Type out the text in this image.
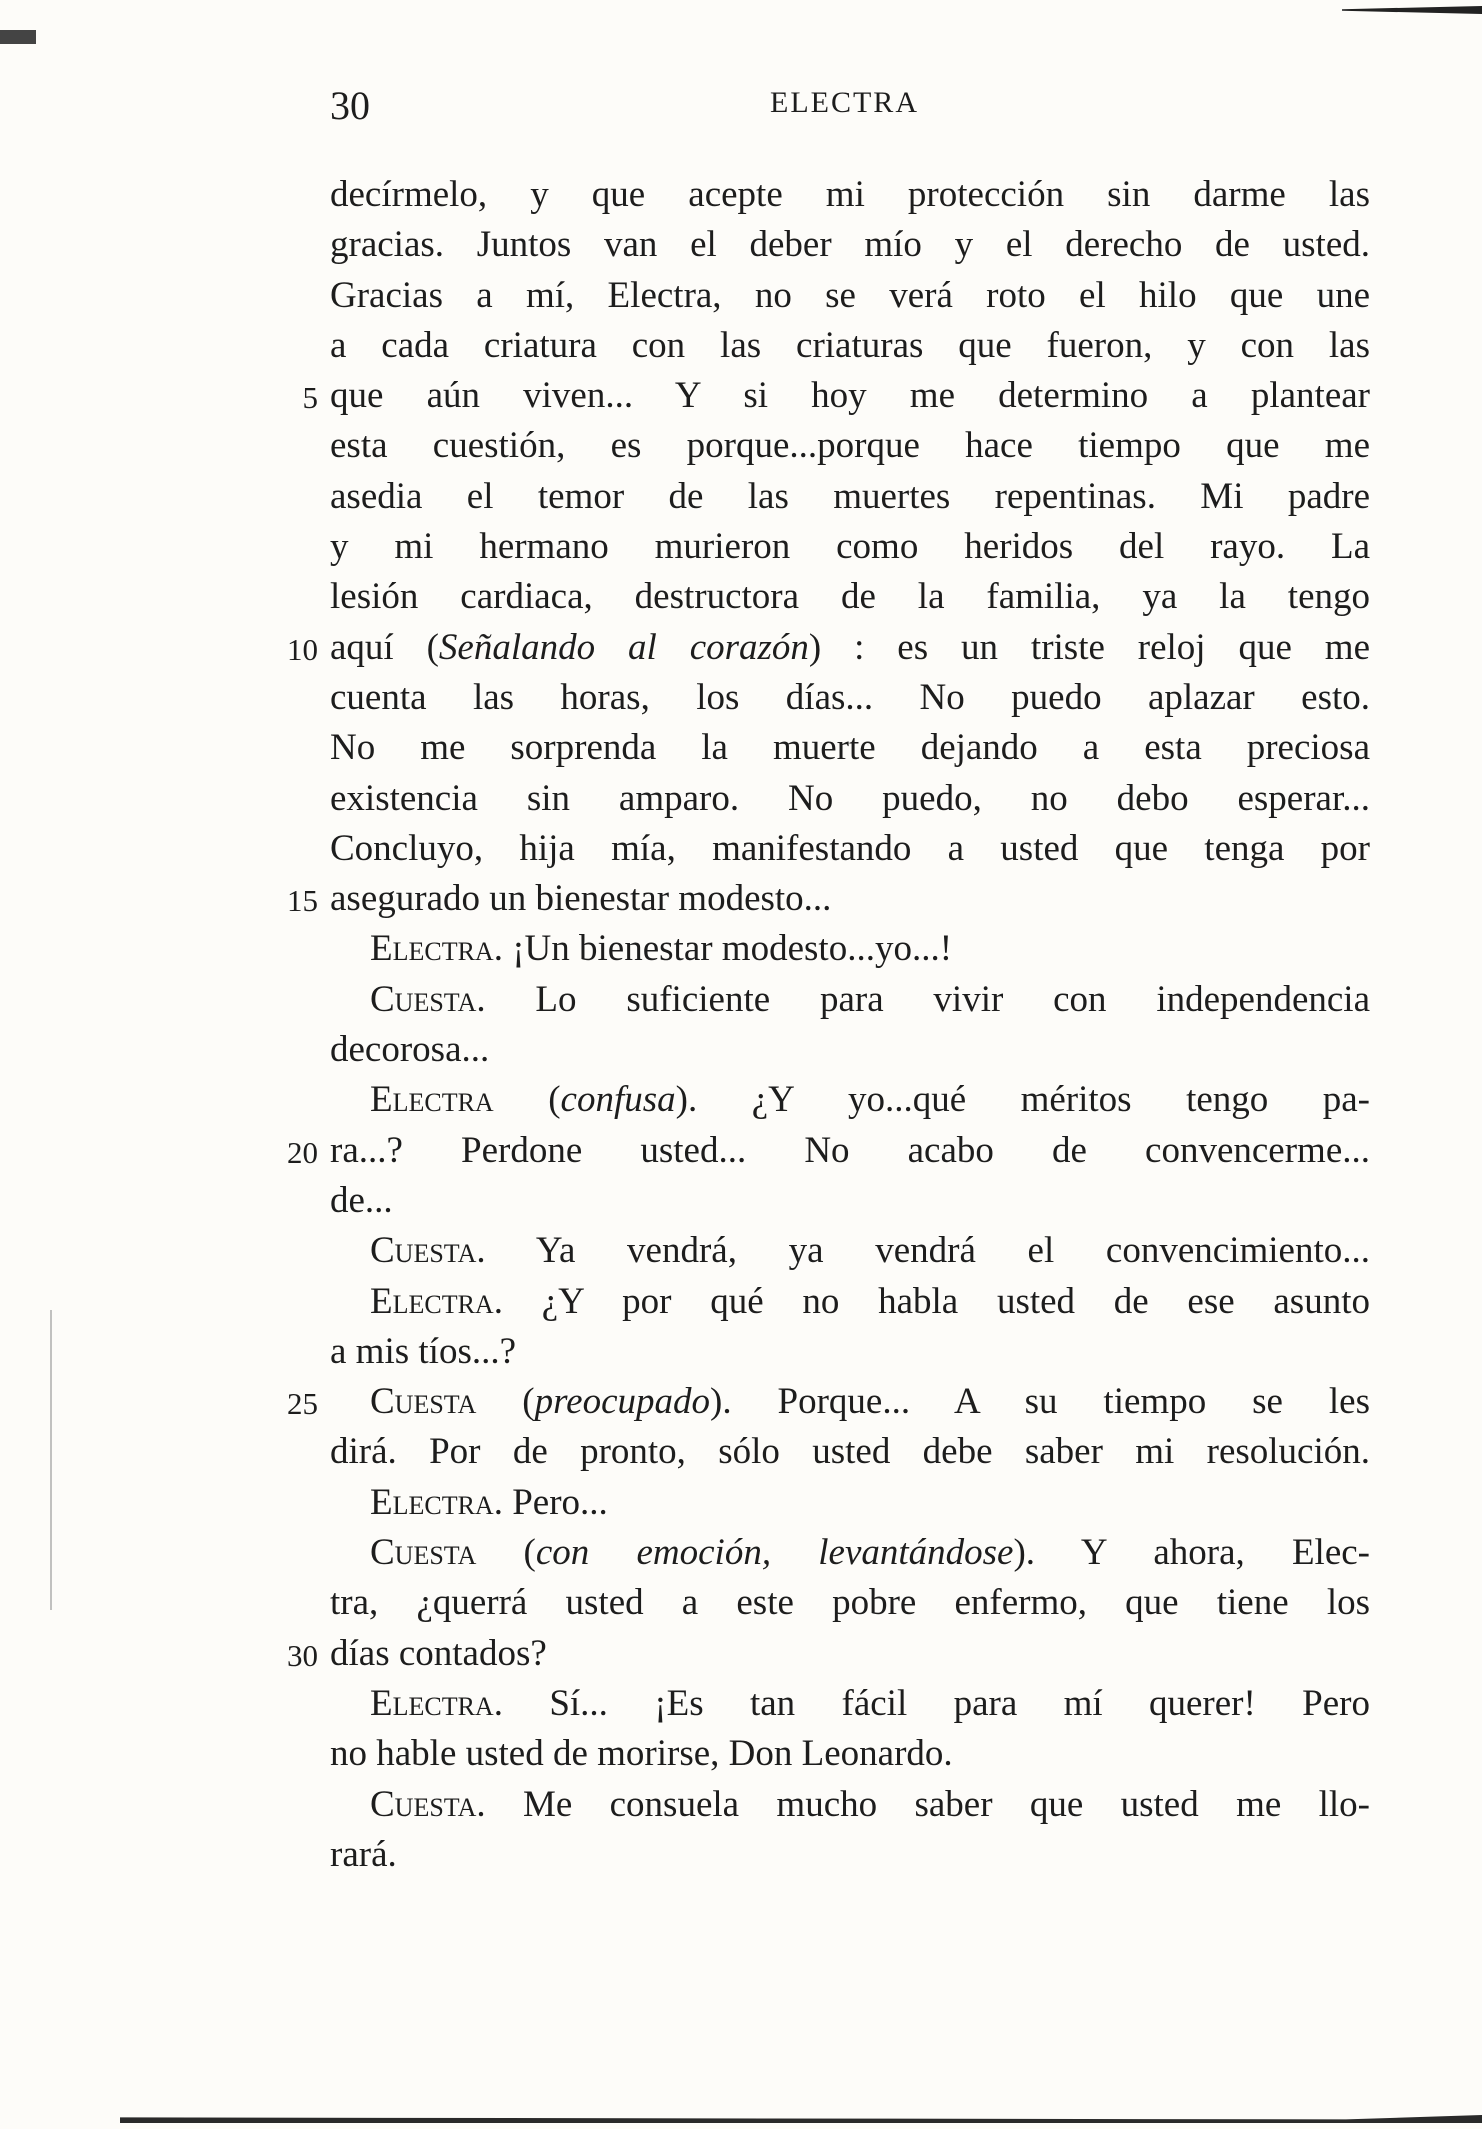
30	ELECTRA
decírmelo, y que acepte mi protección sin darme las
gracias. Juntos van el deber mío y el derecho de usted.
Gracias a mí, Electra, no se verá roto el hilo que une
a cada criatura con las criaturas que fueron, y con las
5 que aún viven... Y si hoy me determino a plantear
esta cuestión, es porque...porque hace tiempo que me
asedia el temor de las muertes repentinas. Mi padre
y mi hermano murieron como heridos del rayo. La
lesión cardiaca, destructora de la familia, ya la tengo
10 aquí (Señalando al corazón) : es un triste reloj que me
cuenta las horas, los días... No puedo aplazar esto.
No me sorprenda la muerte dejando a esta preciosa
existencia sin amparo. No puedo, no debo esperar...
Concluyo, hija mía, manifestando a usted que tenga por
15 asegurado un bienestar modesto...
Electra. ¡Un bienestar modesto...yo...!
Cuesta. Lo suficiente para vivir con independencia
decorosa...
Electra (confusa). ¿Y yo...qué méritos tengo pa-
20 ra...? Perdone usted... No acabo de convencerme...
de...
Cuesta. Ya vendrá, ya vendrá el convencimiento...
Electra. ¿Y por qué no habla usted de ese asunto
a mis tíos...?
25	Cuesta (preocupado). Porque... A su tiempo se les
dirá. Por de pronto, sólo usted debe saber mi resolución.
Electra. Pero...
Cuesta (con emoción, levantándose). Y ahora, Elec-
tra, ¿querrá usted a este pobre enfermo, que tiene los
30 días contados?
Electra. Sí... ¡Es tan fácil para mí querer! Pero
no hable usted de morirse, Don Leonardo.
Cuesta. Me consuela mucho saber que usted me llo-
rará.
